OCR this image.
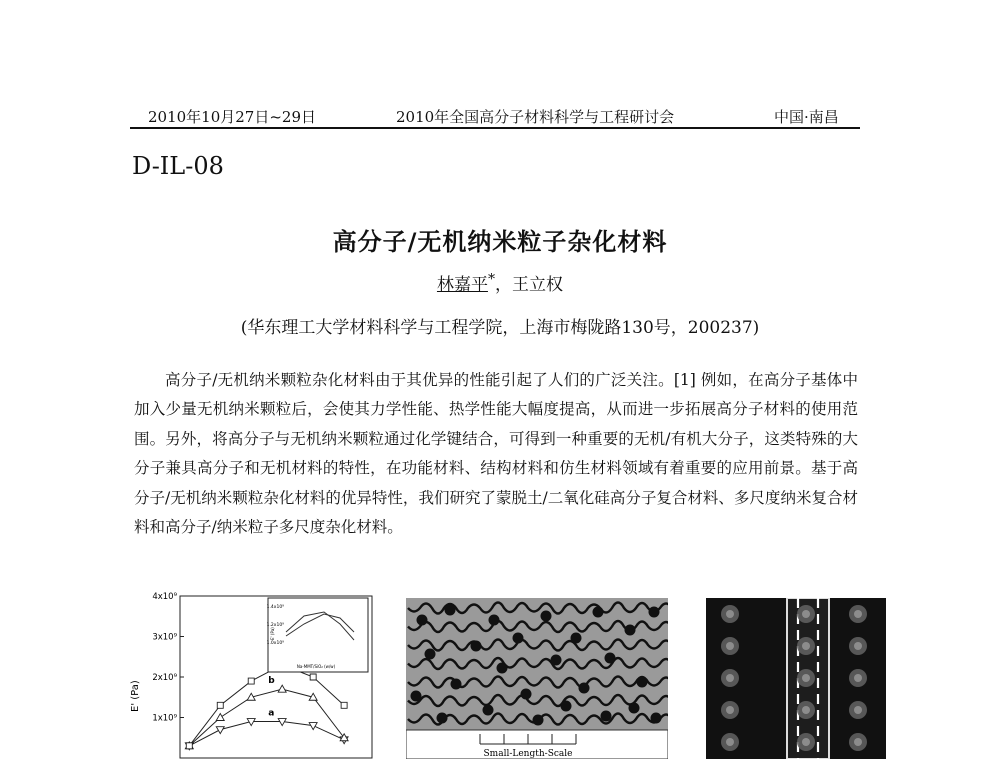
2010年10月27日~29日	2010年全国高分子材料科学与工程研讨会	中国·南昌
D-IL-08
高分子/无机纳米粒子杂化材料
林嘉平*，王立权
(华东理工大学材料科学与工程学院，上海市梅陇路130号，200237)

高分子/无机纳米颗粒杂化材料由于其优异的性能引起了人们的广泛关注。[1] 例如，在高分子基体中加入少量无机纳米颗粒后，会使其力学性能、热学性能大幅度提高，从而进一步拓展高分子材料的使用范围。另外，将高分子与无机纳米颗粒通过化学键结合，可得到一种重要的无机/有机大分子，这类特殊的大分子兼具高分子和无机材料的特性，在功能材料、结构材料和仿生材料领域有着重要的应用前景。基于高分子/无机纳米颗粒杂化材料的优异特性，我们研究了蒙脱土/二氧化硅高分子复合材料、多尺度纳米复合材料和高分子/纳米粒子多尺度杂化材料。

E' (Pa)
4x10⁹
3x10⁹
2x10⁹
1x10⁹	a
b
1.4x10⁹
1.2x10⁹
1.0x10⁹
Na-MMT/SiO₂ (w/w)
E' (Pa)
Small-Length-Scale
